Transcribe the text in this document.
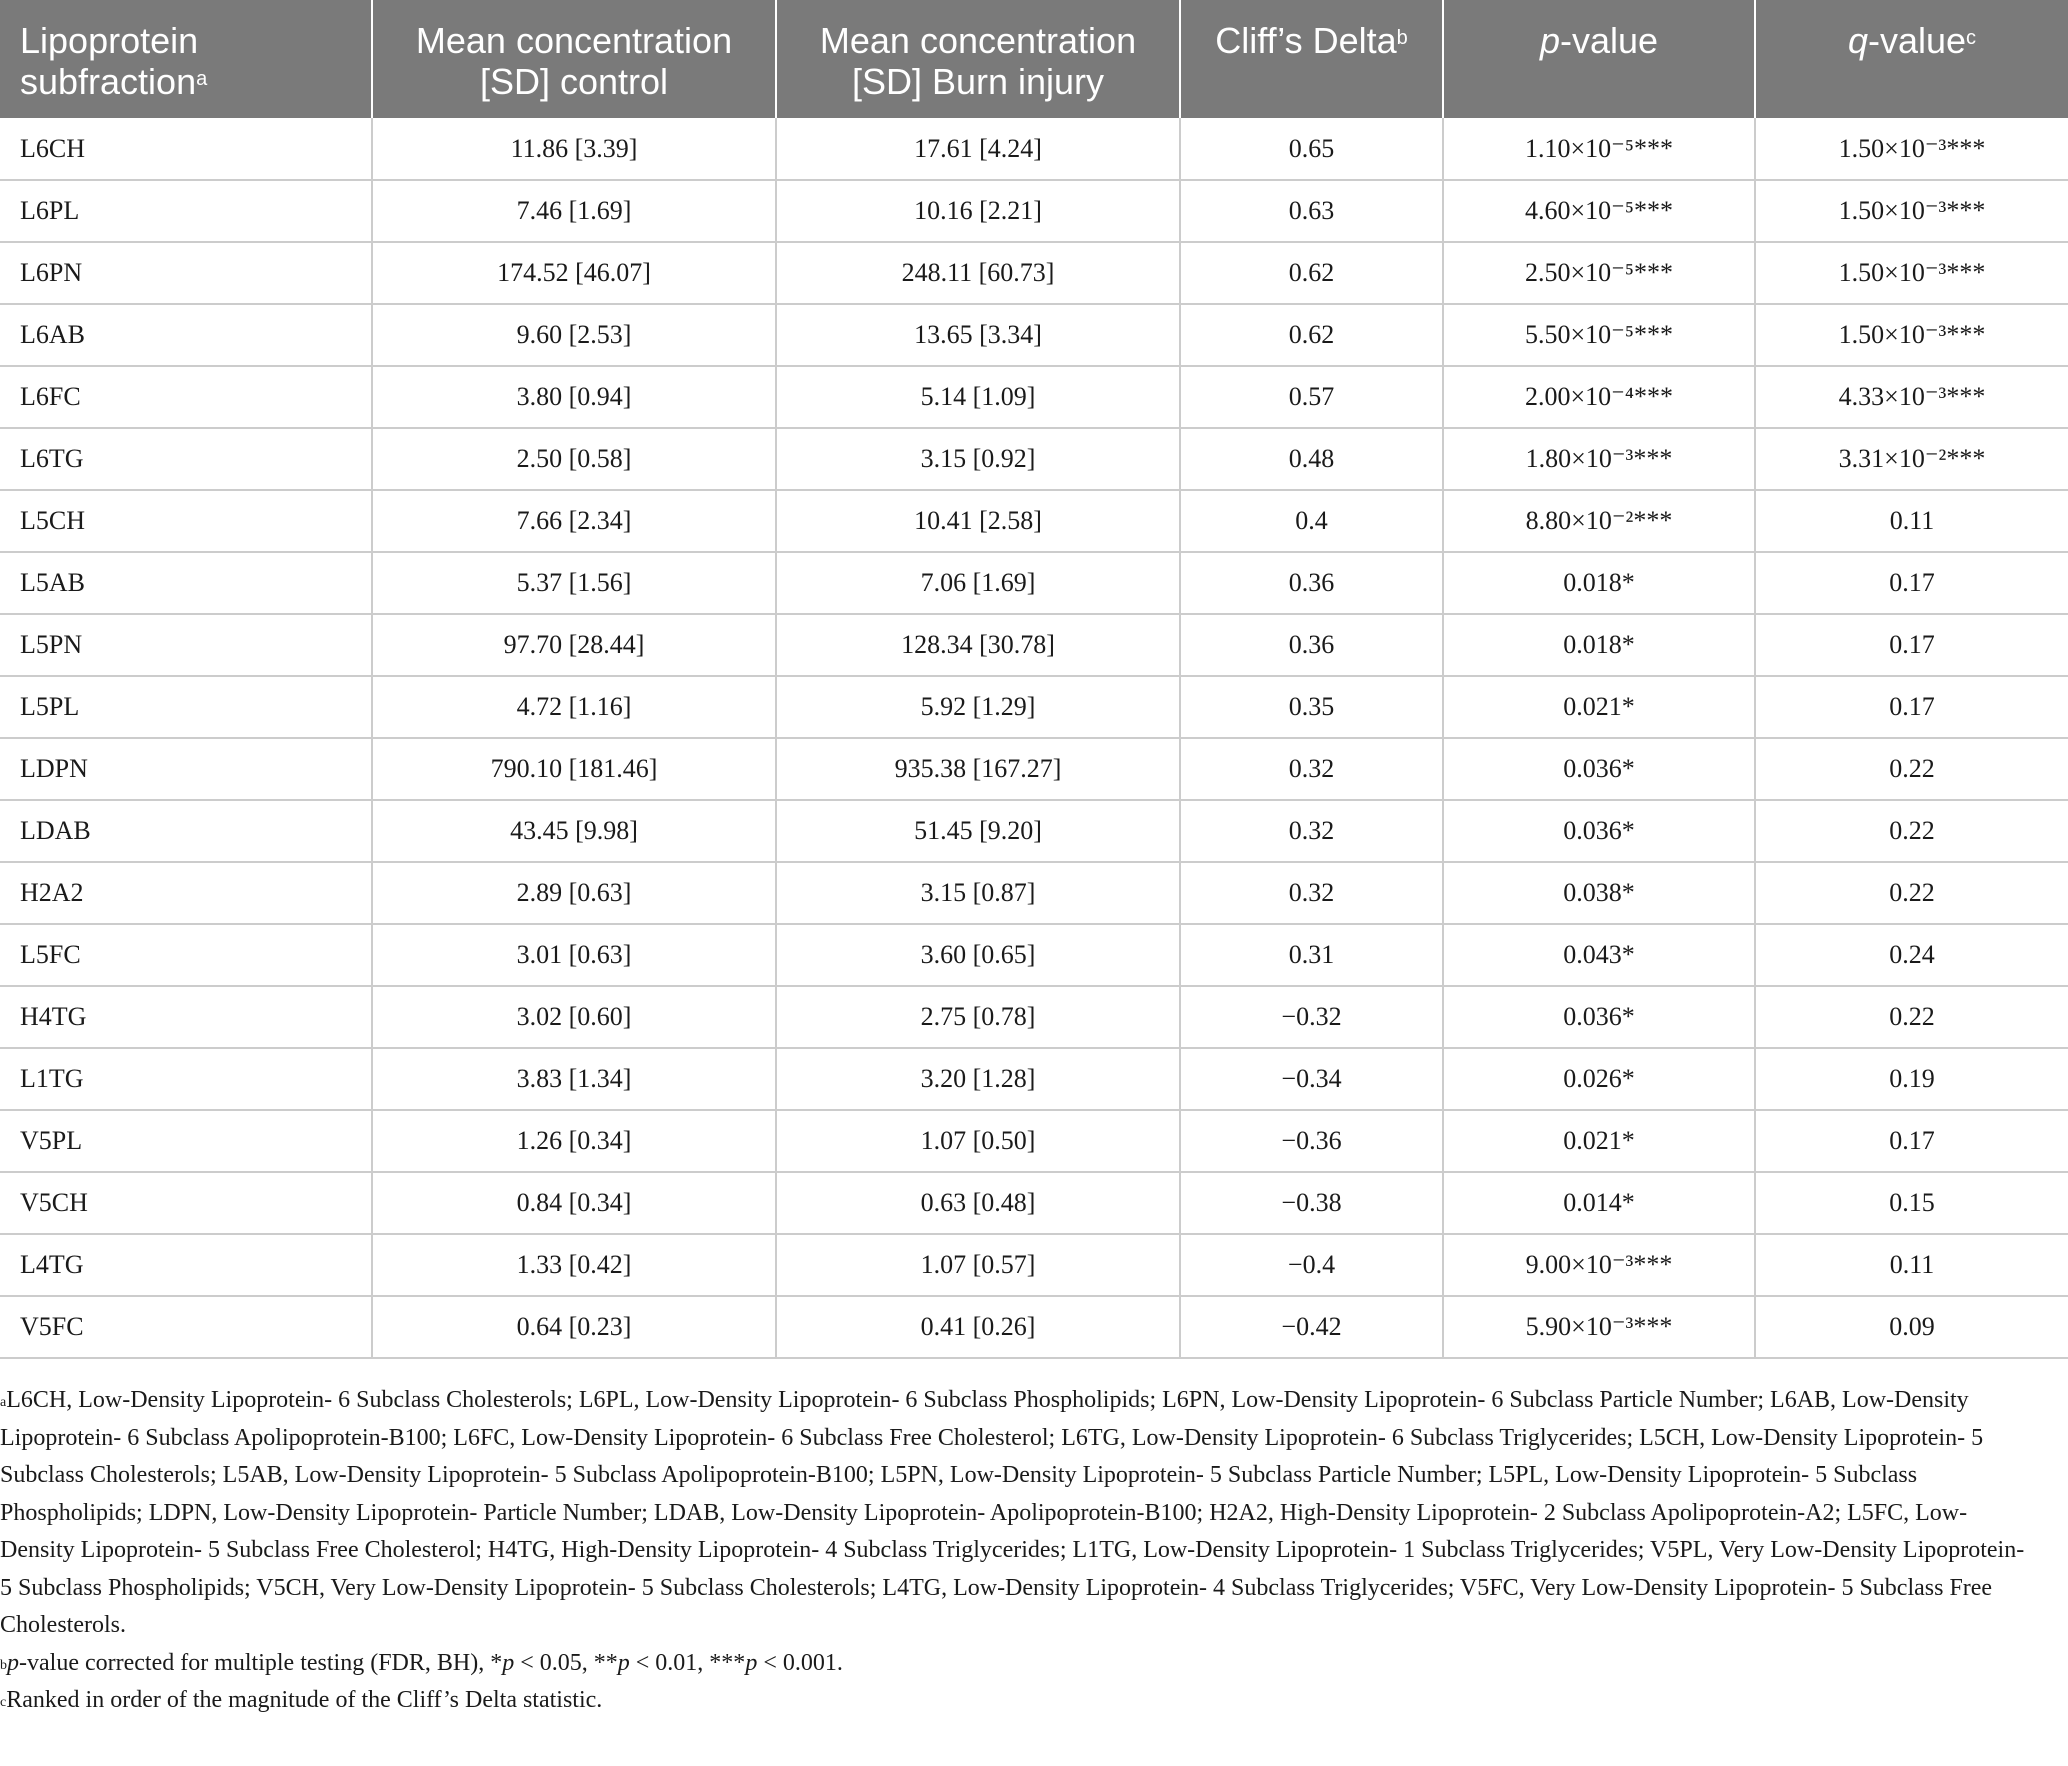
Lipoprotein subfraction$^a$	Mean concentration [SD] control	Mean concentration [SD] Burn injury	Cliff’s Delta$^b$	p-value	q-value$^c$
L6CH	11.86 [3.39]	17.61 [4.24]	0.65	1.10×10⁻⁵***	1.50×10⁻³***
L6PL	7.46 [1.69]	10.16 [2.21]	0.63	4.60×10⁻⁵***	1.50×10⁻³***
L6PN	174.52 [46.07]	248.11 [60.73]	0.62	2.50×10⁻⁵***	1.50×10⁻³***
L6AB	9.60 [2.53]	13.65 [3.34]	0.62	5.50×10⁻⁵***	1.50×10⁻³***
L6FC	3.80 [0.94]	5.14 [1.09]	0.57	2.00×10⁻⁴***	4.33×10⁻³***
L6TG	2.50 [0.58]	3.15 [0.92]	0.48	1.80×10⁻³***	3.31×10⁻²***
L5CH	7.66 [2.34]	10.41 [2.58]	0.4	8.80×10⁻²***	0.11
L5AB	5.37 [1.56]	7.06 [1.69]	0.36	0.018*	0.17
L5PN	97.70 [28.44]	128.34 [30.78]	0.36	0.018*	0.17
L5PL	4.72 [1.16]	5.92 [1.29]	0.35	0.021*	0.17
LDPN	790.10 [181.46]	935.38 [167.27]	0.32	0.036*	0.22
LDAB	43.45 [9.98]	51.45 [9.20]	0.32	0.036*	0.22
H2A2	2.89 [0.63]	3.15 [0.87]	0.32	0.038*	0.22
L5FC	3.01 [0.63]	3.60 [0.65]	0.31	0.043*	0.24
H4TG	3.02 [0.60]	2.75 [0.78]	−0.32	0.036*	0.22
L1TG	3.83 [1.34]	3.20 [1.28]	−0.34	0.026*	0.19
V5PL	1.26 [0.34]	1.07 [0.50]	−0.36	0.021*	0.17
V5CH	0.84 [0.34]	0.63 [0.48]	−0.38	0.014*	0.15
L4TG	1.33 [0.42]	1.07 [0.57]	−0.4	9.00×10⁻³***	0.11
V5FC	0.64 [0.23]	0.41 [0.26]	−0.42	5.90×10⁻³***	0.09

$^a$L6CH, Low-Density Lipoprotein- 6 Subclass Cholesterols; L6PL, Low-Density Lipoprotein- 6 Subclass Phospholipids; L6PN, Low-Density Lipoprotein- 6 Subclass Particle Number; L6AB, Low-Density Lipoprotein- 6 Subclass Apolipoprotein-B100; L6FC, Low-Density Lipoprotein- 6 Subclass Free Cholesterol; L6TG, Low-Density Lipoprotein- 6 Subclass Triglycerides; L5CH, Low-Density Lipoprotein- 5 Subclass Cholesterols; L5AB, Low-Density Lipoprotein- 5 Subclass Apolipoprotein-B100; L5PN, Low-Density Lipoprotein- 5 Subclass Particle Number; L5PL, Low-Density Lipoprotein- 5 Subclass Phospholipids; LDPN, Low-Density Lipoprotein- Particle Number; LDAB, Low-Density Lipoprotein- Apolipoprotein-B100; H2A2, High-Density Lipoprotein- 2 Subclass Apolipoprotein-A2; L5FC, Low-Density Lipoprotein- 5 Subclass Free Cholesterol; H4TG, High-Density Lipoprotein- 4 Subclass Triglycerides; L1TG, Low-Density Lipoprotein- 1 Subclass Triglycerides; V5PL, Very Low-Density Lipoprotein- 5 Subclass Phospholipids; V5CH, Very Low-Density Lipoprotein- 5 Subclass Cholesterols; L4TG, Low-Density Lipoprotein- 4 Subclass Triglycerides; V5FC, Very Low-Density Lipoprotein- 5 Subclass Free Cholesterols.

$^b$p-value corrected for multiple testing (FDR, BH), *p < 0.05, **p < 0.01, ***p < 0.001.

$^c$Ranked in order of the magnitude of the Cliff’s Delta statistic.
